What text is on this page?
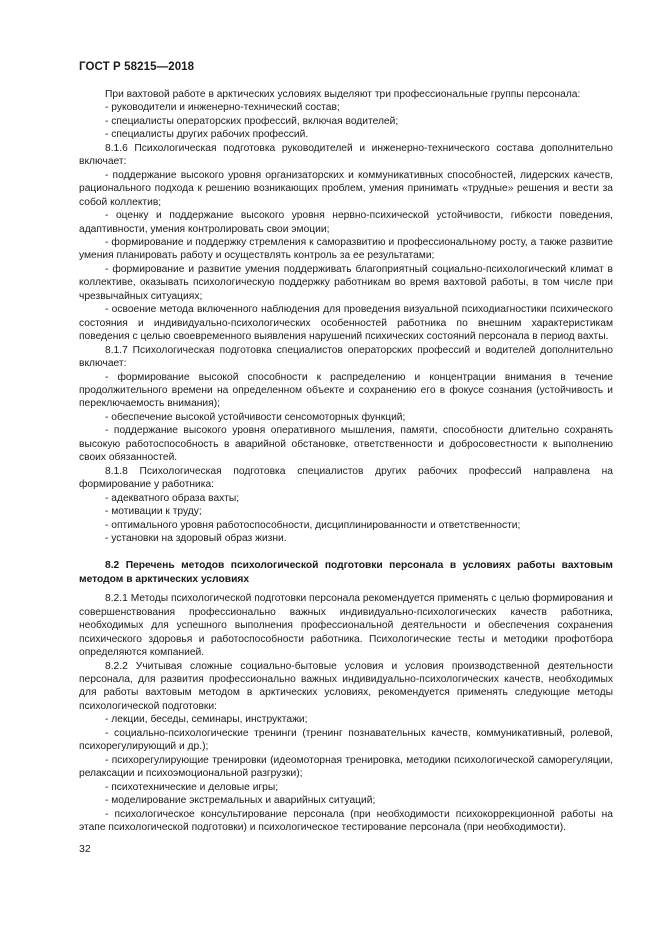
ГОСТ Р 58215—2018

При вахтовой работе в арктических условиях выделяют три профессиональные группы персонала:

- руководители и инженерно-технический состав;

- специалисты операторских профессий, включая водителей;

- специалисты других рабочих профессий.

8.1.6 Психологическая подготовка руководителей и инженерно-технического состава дополнительно включает:

- поддержание высокого уровня организаторских и коммуникативных способностей, лидерских качеств, рационального подхода к решению возникающих проблем, умения принимать «трудные» решения и вести за собой коллектив;

- оценку и поддержание высокого уровня нервно-психической устойчивости, гибкости поведения, адаптивности, умения контролировать свои эмоции;

- формирование и поддержку стремления к саморазвитию и профессиональному росту, а также развитие умения планировать работу и осуществлять контроль за ее результатами;

- формирование и развитие умения поддерживать благоприятный социально-психологический климат в коллективе, оказывать психологическую поддержку работникам во время вахтовой работы, в том числе при чрезвычайных ситуациях;

- освоение метода включенного наблюдения для проведения визуальной психодиагностики психического состояния и индивидуально-психологических особенностей работника по внешним характеристикам поведения с целью своевременного выявления нарушений психических состояний персонала в период вахты.

8.1.7 Психологическая подготовка специалистов операторских профессий и водителей дополнительно включает:

- формирование высокой способности к распределению и концентрации внимания в течение продолжительного времени на определенном объекте и сохранению его в фокусе сознания (устойчивость и переключаемость внимания);

- обеспечение высокой устойчивости сенсомоторных функций;

- поддержание высокого уровня оперативного мышления, памяти, способности длительно сохранять высокую работоспособность в аварийной обстановке, ответственности и добросовестности к выполнению своих обязанностей.

8.1.8 Психологическая подготовка специалистов других рабочих профессий направлена на формирование у работника:

- адекватного образа вахты;

- мотивации к труду;

- оптимального уровня работоспособности, дисциплинированности и ответственности;

- установки на здоровый образ жизни.

8.2 Перечень методов психологической подготовки персонала в условиях работы вахтовым методом в арктических условиях

8.2.1 Методы психологической подготовки персонала рекомендуется применять с целью формирования и совершенствования профессионально важных индивидуально-психологических качеств работника, необходимых для успешного выполнения профессиональной деятельности и обеспечения сохранения психического здоровья и работоспособности работника. Психологические тесты и методики профотбора определяются компанией.

8.2.2 Учитывая сложные социально-бытовые условия и условия производственной деятельности персонала, для развития профессионально важных индивидуально-психологических качеств, необходимых для работы вахтовым методом в арктических условиях, рекомендуется применять следующие методы психологической подготовки:

- лекции, беседы, семинары, инструктажи;

- социально-психологические тренинги (тренинг познавательных качеств, коммуникативный, ролевой, психорегулирующий и др.);

- психорегулирующие тренировки (идеомоторная тренировка, методики психологической саморегуляции, релаксации и психоэмоциональной разгрузки);

- психотехнические и деловые игры;

- моделирование экстремальных и аварийных ситуаций;

- психологическое консультирование персонала (при необходимости психокоррекционной работы на этапе психологической подготовки) и психологическое тестирование персонала (при необходимости).

32
